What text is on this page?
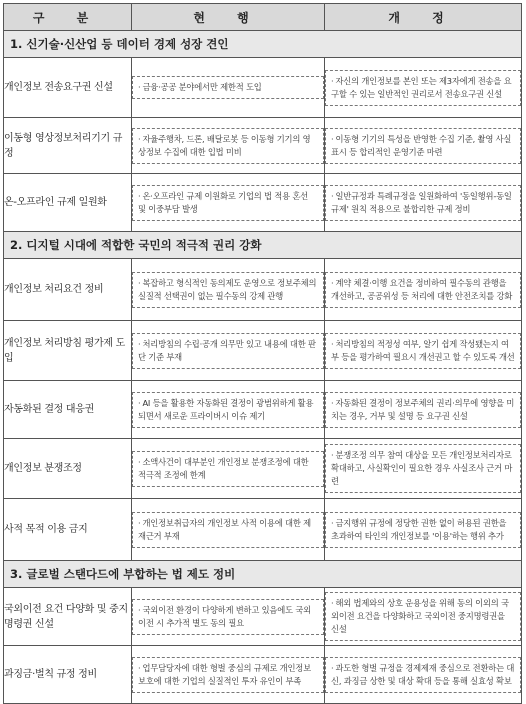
구 분	현 행	개 정
1. 신기술·신산업 등 데이터 경제 성장 견인		
개인정보 전송요구권 신설	· 금융·공공 분야에서만 제한적 도입	· 자신의 개인정보를 본인 또는 제3자에게 전송을 요구할 수 있는 일반적인 권리로서 전송요구권 신설

이동형 영상정보처리기기 규정	· 자율주행차, 드론, 배달로봇 등 이동형 기기의 영상정보 수집에 대한 입법 미비	· 이동형 기기의 특성을 반영한 수집 기준, 촬영 사실 표시 등 합리적인 운영기준 마련

온-오프라인 규제 일원화	· 온·오프라인 규제 이원화로 기업의 법 적용 혼선 및 이중부담 발생	· 일반규정과 특례규정을 일원화하여 '동일행위-동일규제' 원칙 적용으로 불합리한 규제 정비

2. 디지털 시대에 적합한 국민의 적극적 권리 강화		
개인정보 처리요건 정비	· 복잡하고 형식적인 동의제도 운영으로 정보주체의 실질적 선택권이 없는 필수동의 강제 관행	· 계약 체결·이행 요건을 정비하여 필수동의 관행을 개선하고, 공공위성 등 처리에 대한 안전조치를 강화

개인정보 처리방침 평가제 도입	· 처리방침의 수립·공개 의무만 있고 내용에 대한 판단 기준 부재	· 처리방침의 적정성 여부, 알기 쉽게 작성됐는지 여부 등을 평가하여 필요시 개선권고 할 수 있도록 개선

자동화된 결정 대응권	· AI 등을 활용한 자동화된 결정이 광범위하게 활용되면서 새로운 프라이버시 이슈 제기	· 자동화된 결정이 정보주체의 권리·의무에 영향을 미치는 경우, 거부 및 설명 등 요구권 신설

개인정보 분쟁조정	· 소액사건이 대부분인 개인정보 분쟁조정에 대한 적극적 조정에 한계	· 분쟁조정 의무 참여 대상을 모든 개인정보처리자로 확대하고, 사실확인이 필요한 경우 사실조사 근거 마련

사적 목적 이용 금지	· 개인정보취급자의 개인정보 사적 이용에 대한 제재근거 부재	· 금지행위 규정에 정당한 권한 없이 허용된 권한을 초과하여 타인의 개인정보를 '이용'하는 행위 추가

3. 글로벌 스탠다드에 부합하는 법 제도 정비		
국외이전 요건 다양화 및 중지명령권 신설	· 국외이전 환경이 다양하게 변하고 있음에도 국외 이전 시 추가적 별도 동의 필요	· 해외 법제와의 상호 운용성을 위해 동의 이외의 국외이전 요건을 다양화하고 국외이전 중지명령권을 신설

과징금·벌칙 규정 정비	· 업무담당자에 대한 형벌 중심의 규제로 개인정보 보호에 대한 기업의 실질적인 투자 유인이 부족	· 과도한 형벌 규정을 경제제재 중심으로 전환하는 대신, 과징금 상한 및 대상 확대 등을 통해 실효성 확보
